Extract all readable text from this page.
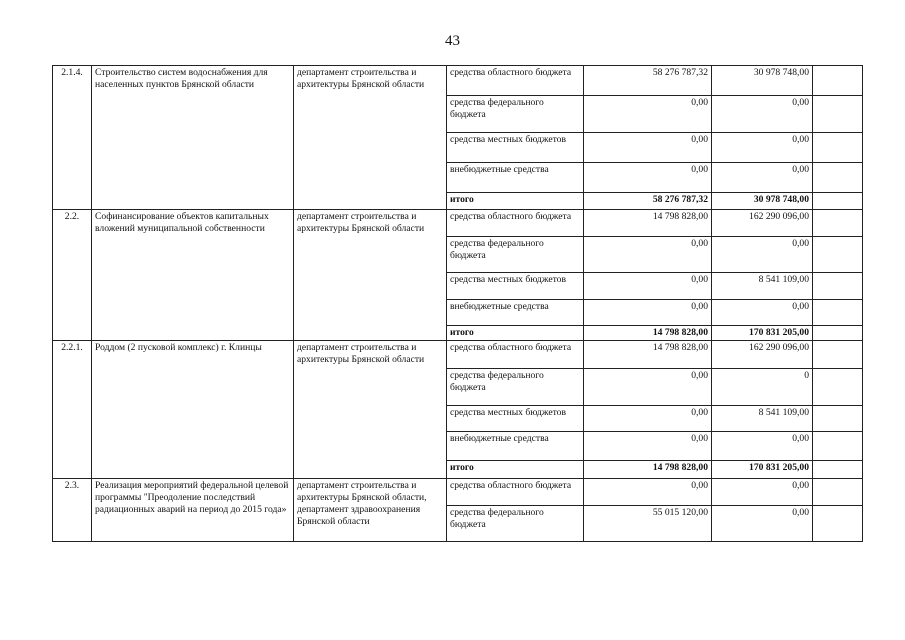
43
2.1.4.	Строительство систем водоснабжения для населенных пунктов Брянской области	департамент строительства и архитектуры Брянской области	средства областного бюджета	58 276 787,32	30 978 748,00	
			средства федерального бюджета	0,00	0,00	
			средства местных бюджетов	0,00	0,00	
			внебюджетные средства	0,00	0,00	
			итого	58 276 787,32	30 978 748,00	
2.2.	Софинансирование объектов капитальных вложений муниципальной собственности	департамент строительства и архитектуры Брянской области	средства областного бюджета	14 798 828,00	162 290 096,00	
			средства федерального бюджета	0,00	0,00	
			средства местных бюджетов	0,00	8 541 109,00	
			внебюджетные средства	0,00	0,00	
			итого	14 798 828,00	170 831 205,00	
2.2.1.	Роддом (2 пусковой комплекс) г. Клинцы	департамент строительства и архитектуры Брянской области	средства областного бюджета	14 798 828,00	162 290 096,00	
			средства федерального бюджета	0,00	0	
			средства местных бюджетов	0,00	8 541 109,00	
			внебюджетные средства	0,00	0,00	
			итого	14 798 828,00	170 831 205,00	
2.3.	Реализация мероприятий федеральной целевой программы "Преодоление последствий радиационных аварий на период до 2015 года»	департамент строительства и архитектуры Брянской области, департамент здравоохранения Брянской области	средства областного бюджета	0,00	0,00	
			средства федерального бюджета	55 015 120,00	0,00	
